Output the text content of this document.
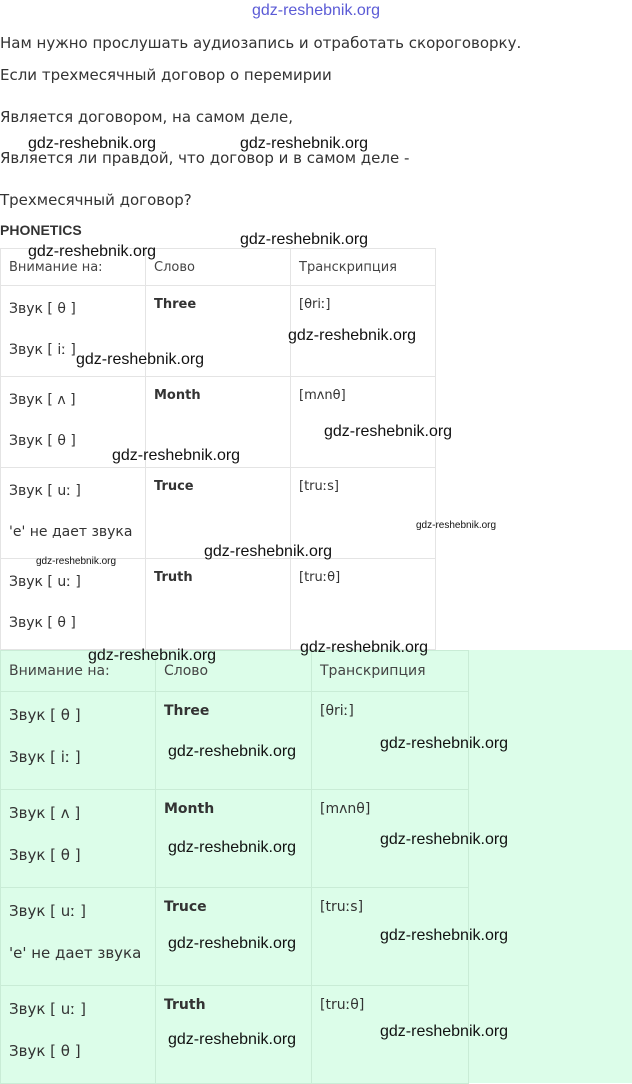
gdz-reshebnik.org
Нам нужно прослушать аудиозапись и отработать скороговорку.
Если трехмесячный договор о перемирии
Является договором, на самом деле,
Является ли правдой, что договор и в самом деле -
Трехмесячный договор?
PHONETICS
Внимание на:	Слово	Транскрипция

Звук [ θ ]
Звук [ iː ]	Three	[θriː]

Звук [ ʌ ]
Звук [ θ ]	Month	[mʌnθ]

Звук [ uː ]
'e' не дает звука	Truce	[truːs]

Звук [ uː ]
Звук [ θ ]	Truth	[truːθ]
Внимание на:	Слово	Транскрипция

Звук [ θ ]
Звук [ iː ]	Three	[θriː]

Звук [ ʌ ]
Звук [ θ ]	Month	[mʌnθ]

Звук [ uː ]
'e' не дает звука	Truce	[truːs]

Звук [ uː ]
Звук [ θ ]	Truth	[truːθ]
gdz-reshebnik.org	gdz-reshebnik.org
gdz-reshebnik.org
gdz-reshebnik.org
gdz-reshebnik.org
gdz-reshebnik.org
gdz-reshebnik.org
gdz-reshebnik.org
gdz-reshebnik.org
gdz-reshebnik.org
gdz-reshebnik.org
gdz-reshebnik.org
gdz-reshebnik.org
gdz-reshebnik.org
gdz-reshebnik.org
gdz-reshebnik.org
gdz-reshebnik.org
gdz-reshebnik.org
gdz-reshebnik.org
gdz-reshebnik.org
gdz-reshebnik.org
